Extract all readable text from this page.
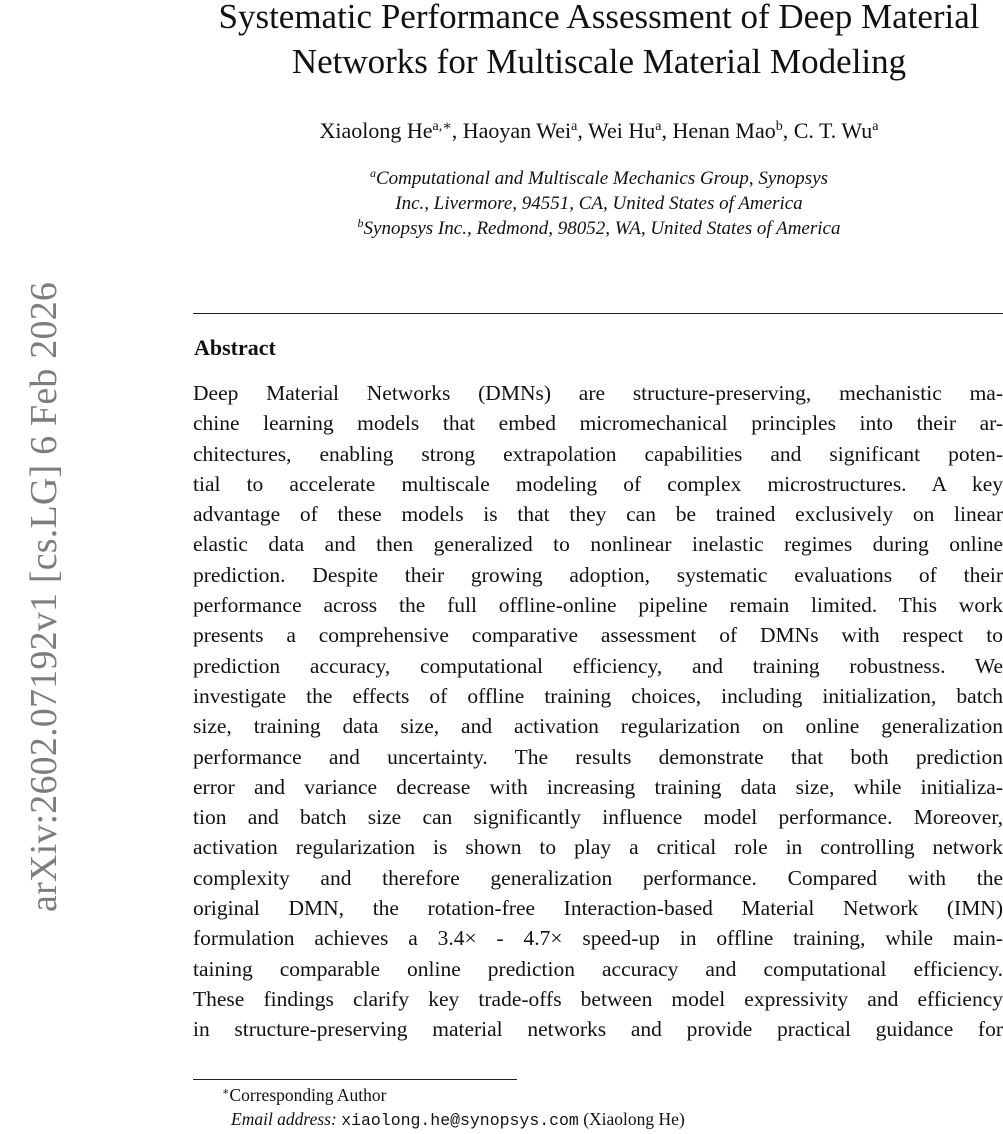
arXiv:2602.07192v1 [cs.LG] 6 Feb 2026
Systematic Performance Assessment of Deep Material
Networks for Multiscale Material Modeling
Xiaolong $He^{a,∗}$, Haoyan Wei$^a$, Wei Hu$^a$, Henan Mao$^b$, C. T. Wu$^a$
$^a$Computational and Multiscale Mechanics Group, Synopsys
Inc., Livermore, 94551, CA, United States of America
$^b$Synopsys Inc., Redmond, 98052, WA, United States of America
Abstract
Deep Material Networks (DMNs) are structure-preserving, mechanistic ma-
chine learning models that embed micromechanical principles into their ar-
chitectures, enabling strong extrapolation capabilities and significant poten-
tial to accelerate multiscale modeling of complex microstructures. A key
advantage of these models is that they can be trained exclusively on linear
elastic data and then generalized to nonlinear inelastic regimes during online
prediction. Despite their growing adoption, systematic evaluations of their
performance across the full offline-online pipeline remain limited. This work
presents a comprehensive comparative assessment of DMNs with respect to
prediction accuracy, computational efficiency, and training robustness. We
investigate the effects of offline training choices, including initialization, batch
size, training data size, and activation regularization on online generalization
performance and uncertainty. The results demonstrate that both prediction
error and variance decrease with increasing training data size, while initializa-
tion and batch size can significantly influence model performance. Moreover,
activation regularization is shown to play a critical role in controlling network
complexity and therefore generalization performance. Compared with the
original DMN, the rotation-free Interaction-based Material Network (IMN)
formulation achieves a 3.4× - 4.7× speed-up in offline training, while main-
taining comparable online prediction accuracy and computational efficiency.
These findings clarify key trade-offs between model expressivity and efficiency
in structure-preserving material networks and provide practical guidance for
∗Corresponding Author
Email address: xiaolong.he@synopsys.com (Xiaolong He)
